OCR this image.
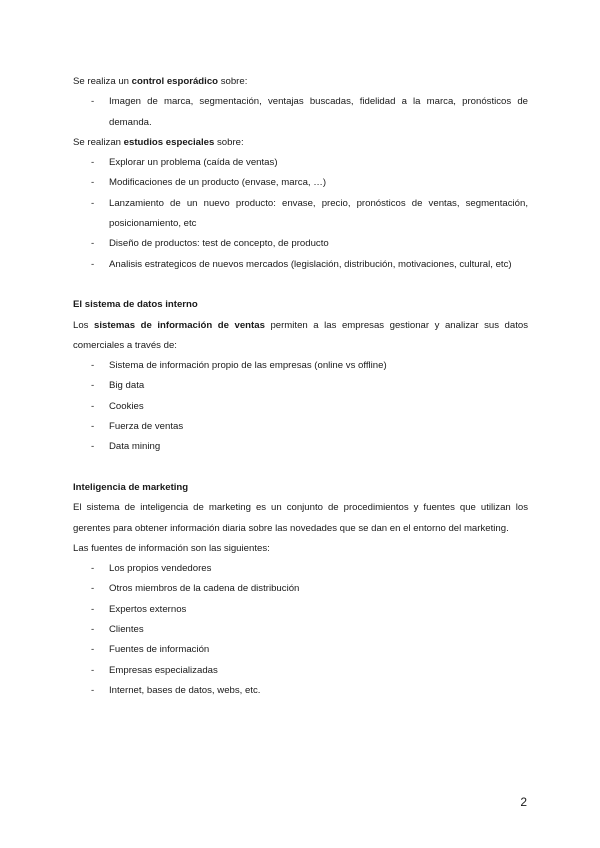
Se realiza un control esporádico sobre:

- Imagen de marca, segmentación, ventajas buscadas, fidelidad a la marca, pronósticos de demanda.

Se realizan estudios especiales sobre:

- Explorar un problema (caída de ventas)
- Modificaciones de un producto (envase, marca, …)
- Lanzamiento de un nuevo producto: envase, precio, pronósticos de ventas, segmentación, posicionamiento, etc
- Diseño de productos: test de concepto, de producto
- Analisis estrategicos de nuevos mercados (legislación, distribución, motivaciones, cultural, etc)

El sistema de datos interno

Los sistemas de información de ventas permiten a las empresas gestionar y analizar sus datos comerciales a través de:

- Sistema de información propio de las empresas (online vs offline)
- Big data
- Cookies
- Fuerza de ventas
- Data mining

Inteligencia de marketing

El sistema de inteligencia de marketing es un conjunto de procedimientos y fuentes que utilizan los gerentes para obtener información diaria sobre las novedades que se dan en el entorno del marketing.

Las fuentes de información son las siguientes:

- Los propios vendedores
- Otros miembros de la cadena de distribución
- Expertos externos
- Clientes
- Fuentes de información
- Empresas especializadas
- Internet, bases de datos, webs, etc.
2
